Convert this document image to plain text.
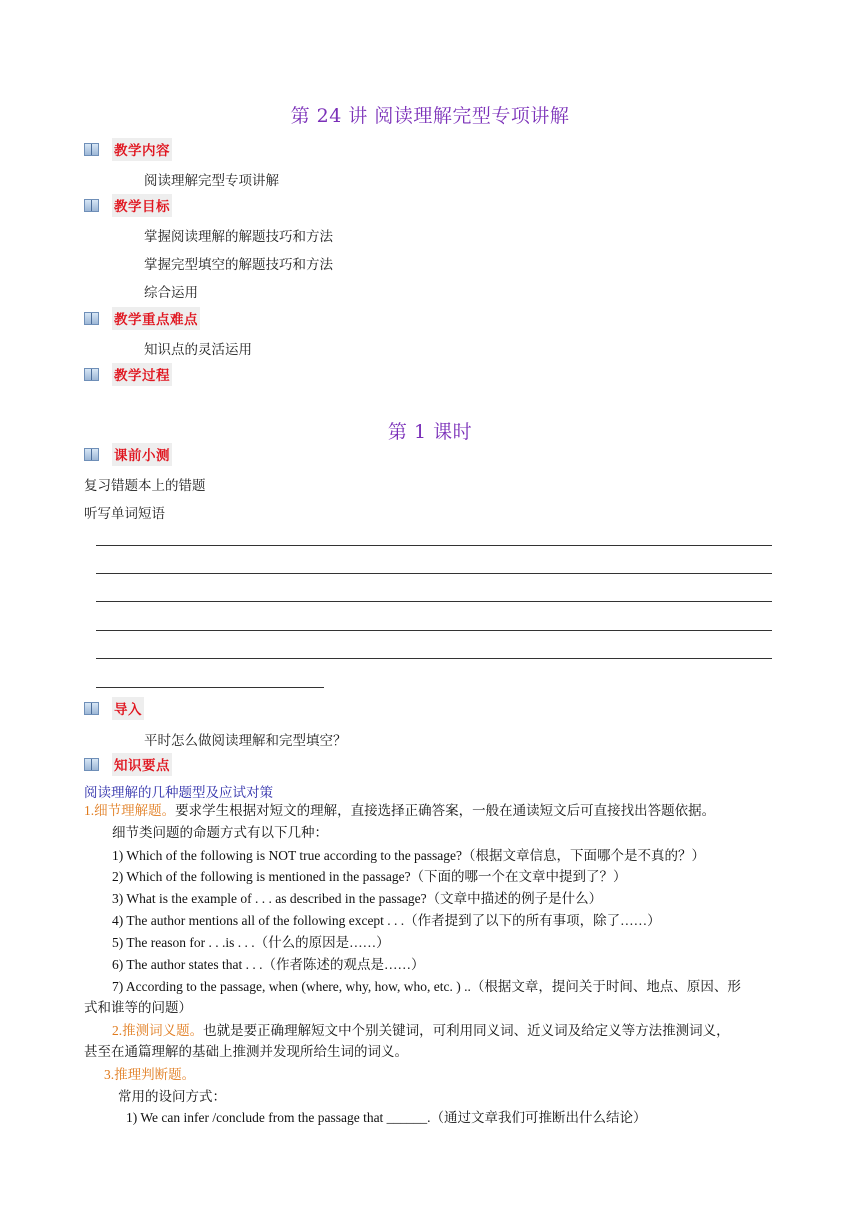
第 24 讲 阅读理解完型专项讲解
教学内容
阅读理解完型专项讲解
教学目标
掌握阅读理解的解题技巧和方法
掌握完型填空的解题技巧和方法
综合运用
教学重点难点
知识点的灵活运用
教学过程
第 1 课时
课前小测
复习错题本上的错题
听写单词短语
导入
平时怎么做阅读理解和完型填空？
知识要点
阅读理解的几种题型及应试对策
1.细节理解题。要求学生根据对短文的理解，直接选择正确答案，一般在通读短文后可直接找出答题依据。
细节类问题的命题方式有以下几种：
1) Which of the following is NOT true according to the passage?（根据文章信息，下面哪个是不真的？）
2) Which of the following is mentioned in the passage?（下面的哪一个在文章中提到了？）
3) What is the example of . . . as described in the passage?（文章中描述的例子是什么）
4) The author mentions all of the following except . . .（作者提到了以下的所有事项，除了……）
5) The reason for . . .is . . .（什么的原因是……）
6) The author states that . . .（作者陈述的观点是……）
7) According to the passage, when (where, why, how, who, etc. ) ..（根据文章，提问关于时间、地点、原因、形
式和谁等的问题）
2.推测词义题。也就是要正确理解短文中个别关键词，可利用同义词、近义词及给定义等方法推测词义，
甚至在通篇理解的基础上推测并发现所给生词的词义。
3.推理判断题。
常用的设问方式：
1) We can infer /conclude from the passage that ______.（通过文章我们可推断出什么结论）
